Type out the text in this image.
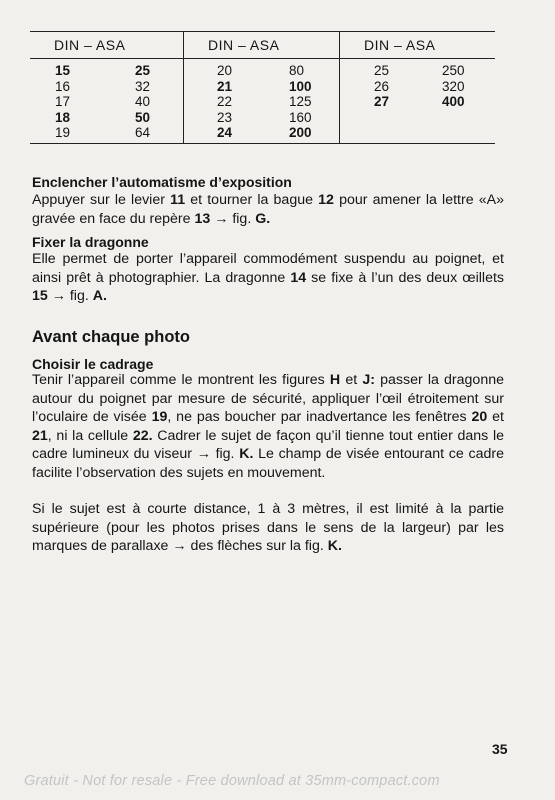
DIN – ASA
15	25
16	32
17	40
18	50
19	64
DIN – ASA
20	80
21	100
22	125
23	160
24	200
DIN – ASA
25	250
26	320
27	400
Enclencher l’automatisme d’exposition
Appuyer sur le levier 11 et tourner la bague 12 pour amener la lettre «A» gravée en face du repère 13 → fig. G.
Fixer la dragonne
Elle permet de porter l’appareil commodément suspendu au poignet, et ainsi prêt à photographier. La dragonne 14 se fixe à l’un des deux œillets 15 → fig. A.
Avant chaque photo
Choisir le cadrage
Tenir l’appareil comme le montrent les figures H et J: passer la dragonne autour du poignet par mesure de sécurité, appliquer l’œil étroitement sur l’oculaire de visée 19, ne pas boucher par inadvertance les fenêtres 20 et 21, ni la cellule 22. Cadrer le sujet de façon qu’il tienne tout entier dans le cadre lumineux du viseur → fig. K. Le champ de visée entourant ce cadre facilite l’observation des sujets en mouvement.
Si le sujet est à courte distance, 1 à 3 mètres, il est limité à la partie supérieure (pour les photos prises dans le sens de la largeur) par les marques de parallaxe → des flèches sur la fig. K.
35
Gratuit - Not for resale - Free download at 35mm-compact.com
